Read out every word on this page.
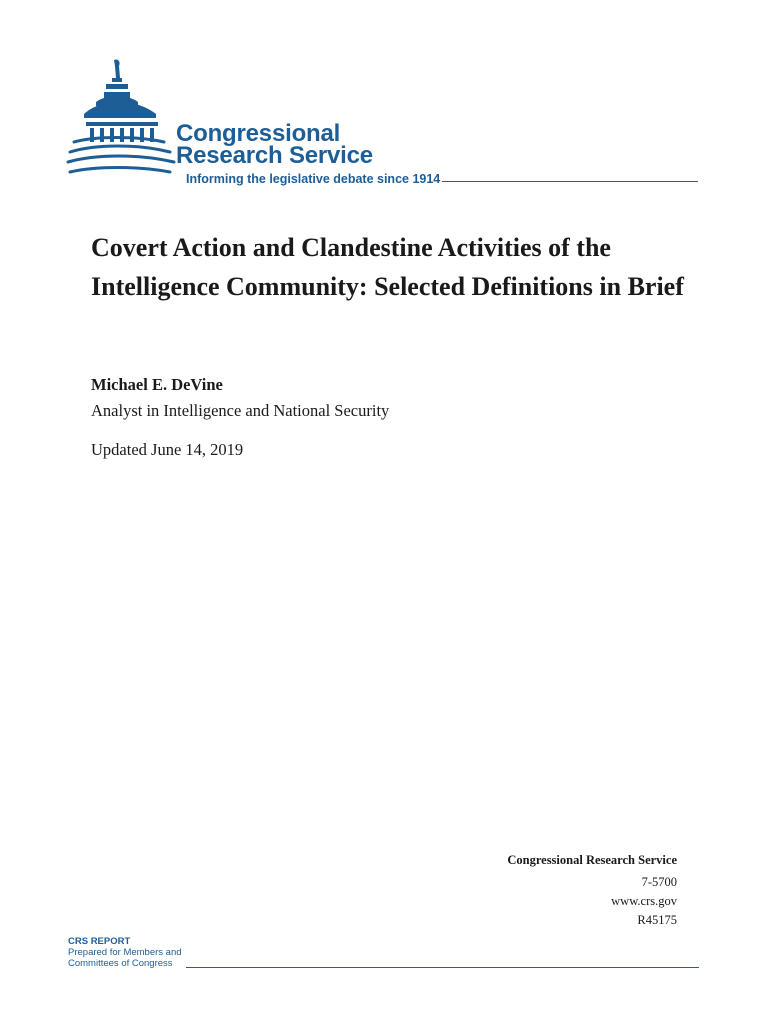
Congressional
Research Service
Informing the legislative debate since 1914
Covert Action and Clandestine Activities of the Intelligence Community: Selected Definitions in Brief

Michael E. DeVine

Analyst in Intelligence and National Security

Updated June 14, 2019

Congressional Research Service
7-5700
www.crs.gov
R45175
CRS REPORT
Prepared for Members and
Committees of Congress
